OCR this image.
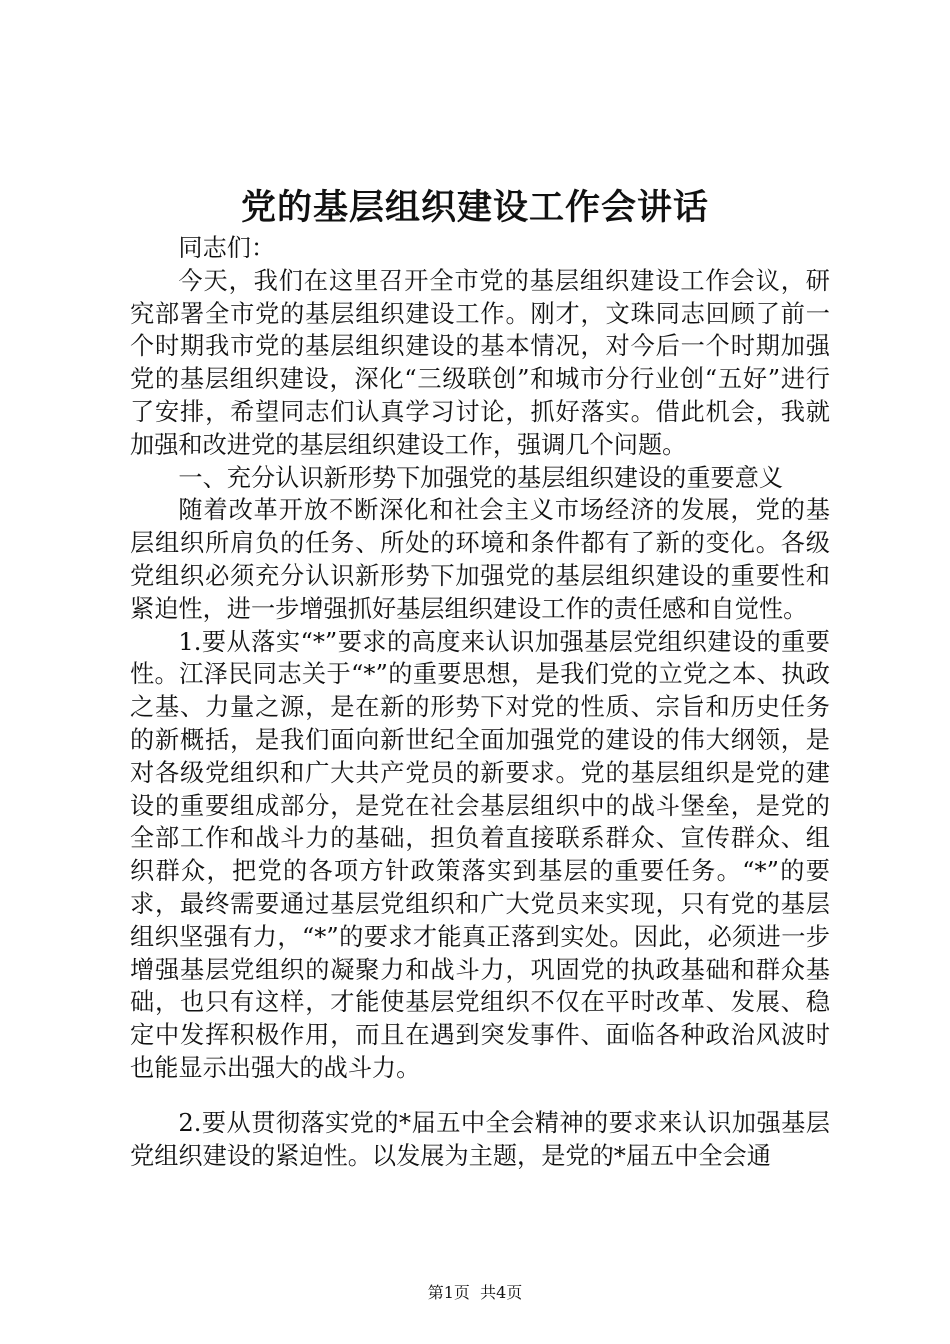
党的基层组织建设工作会讲话

同志们：

今天，我们在这里召开全市党的基层组织建设工作会议，研究部署全市党的基层组织建设工作。刚才，文珠同志回顾了前一个时期我市党的基层组织建设的基本情况，对今后一个时期加强党的基层组织建设，深化“三级联创”和城市分行业创“五好”进行了安排，希望同志们认真学习讨论，抓好落实。借此机会，我就加强和改进党的基层组织建设工作，强调几个问题。

一、充分认识新形势下加强党的基层组织建设的重要意义

随着改革开放不断深化和社会主义市场经济的发展，党的基层组织所肩负的任务、所处的环境和条件都有了新的变化。各级党组织必须充分认识新形势下加强党的基层组织建设的重要性和紧迫性，进一步增强抓好基层组织建设工作的责任感和自觉性。

1.要从落实“*”要求的高度来认识加强基层党组织建设的重要性。江泽民同志关于“*”的重要思想，是我们党的立党之本、执政之基、力量之源，是在新的形势下对党的性质、宗旨和历史任务的新概括，是我们面向新世纪全面加强党的建设的伟大纲领，是对各级党组织和广大共产党员的新要求。党的基层组织是党的建设的重要组成部分，是党在社会基层组织中的战斗堡垒，是党的全部工作和战斗力的基础，担负着直接联系群众、宣传群众、组织群众，把党的各项方针政策落实到基层的重要任务。“*”的要求，最终需要通过基层党组织和广大党员来实现，只有党的基层组织坚强有力，“*”的要求才能真正落到实处。因此，必须进一步增强基层党组织的凝聚力和战斗力，巩固党的执政基础和群众基础，也只有这样，才能使基层党组织不仅在平时改革、发展、稳定中发挥积极作用，而且在遇到突发事件、面临各种政治风波时也能显示出强大的战斗力。

2.要从贯彻落实党的*届五中全会精神的要求来认识加强基层党组织建设的紧迫性。以发展为主题，是党的*届五中全会通

第1页  共4页
